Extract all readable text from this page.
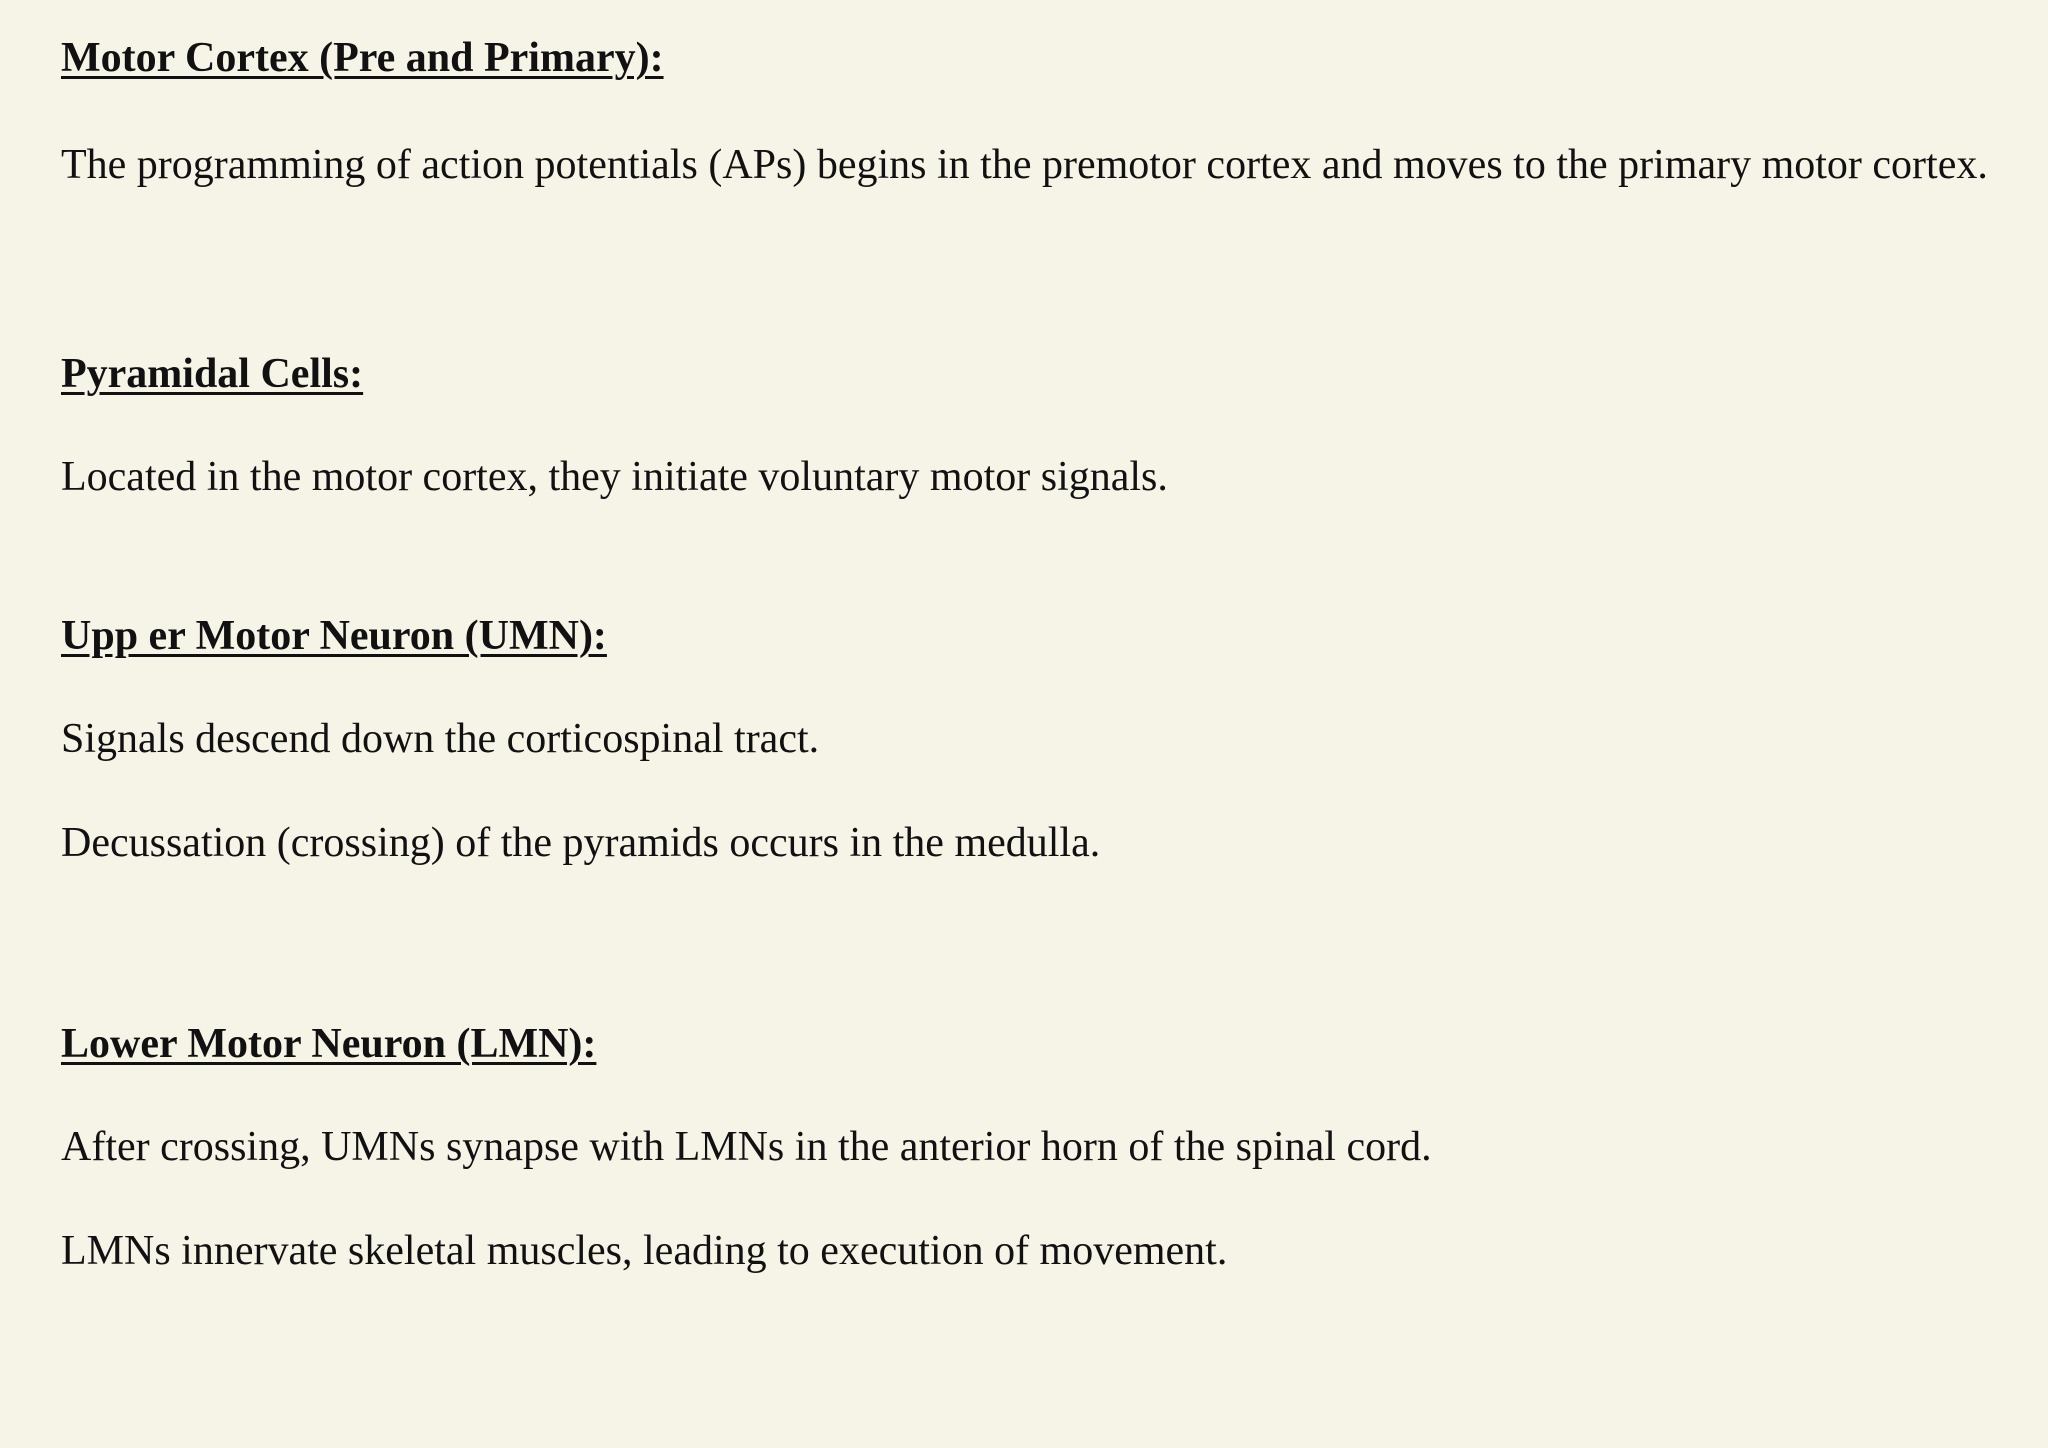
Motor Cortex (Pre and Primary):

The programming of action potentials (APs) begins in the premotor cortex and moves to the primary motor cortex.

Pyramidal Cells:

Located in the motor cortex, they initiate voluntary motor signals.

Upp er Motor Neuron (UMN):

Signals descend down the corticospinal tract.

Decussation (crossing) of the pyramids occurs in the medulla.

Lower Motor Neuron (LMN):

After crossing, UMNs synapse with LMNs in the anterior horn of the spinal cord.

LMNs innervate skeletal muscles, leading to execution of movement.
